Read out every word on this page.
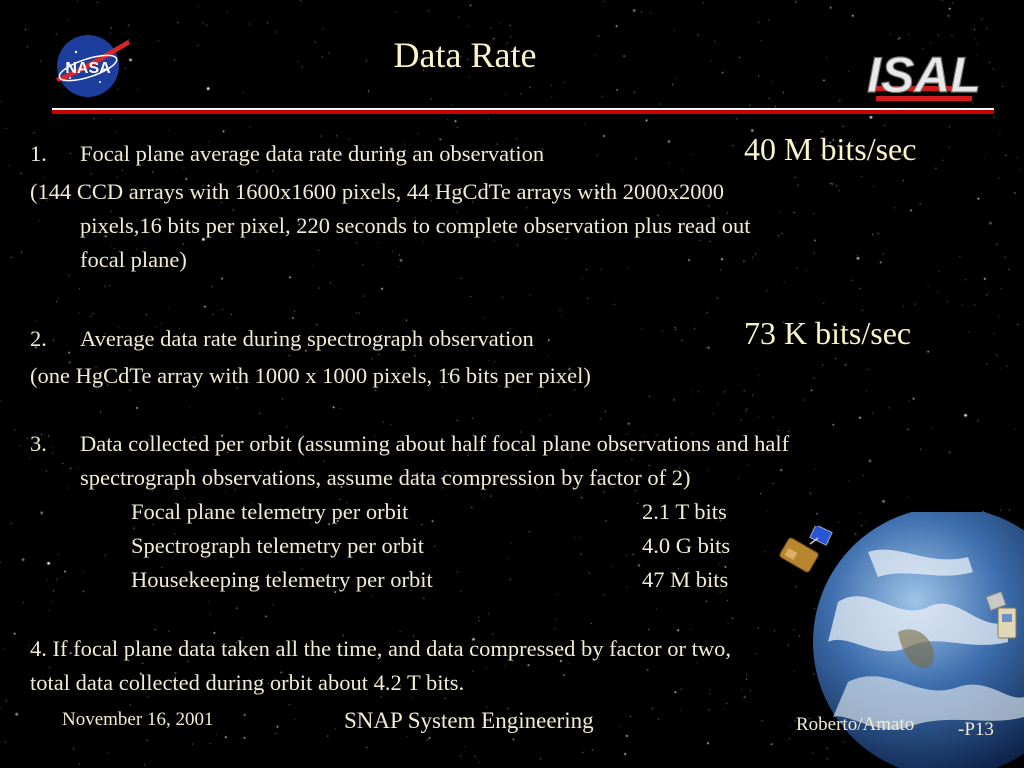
NASA	ISAL
Data Rate
1. Focal plane average data rate during an observation	40 M bits/sec
(144 CCD arrays with 1600x1600 pixels, 44 HgCdTe arrays with 2000x2000
pixels,16 bits per pixel, 220 seconds to complete observation plus read out
focal plane)
2. Average data rate during spectrograph observation	73 K bits/sec
(one HgCdTe array with 1000 x 1000 pixels, 16 bits per pixel)
3. Data collected per orbit (assuming about half focal plane observations and half
spectrograph observations, assume data compression by factor of 2)
Focal plane telemetry per orbit	2.1 T bits
Spectrograph telemetry per orbit	4.0 G bits
Housekeeping telemetry per orbit	47 M bits
4. If focal plane data taken all the time, and data compressed by factor or two,
total data collected during orbit about 4.2 T bits.
November 16, 2001	SNAP System Engineering	Roberto/Amato -P13
